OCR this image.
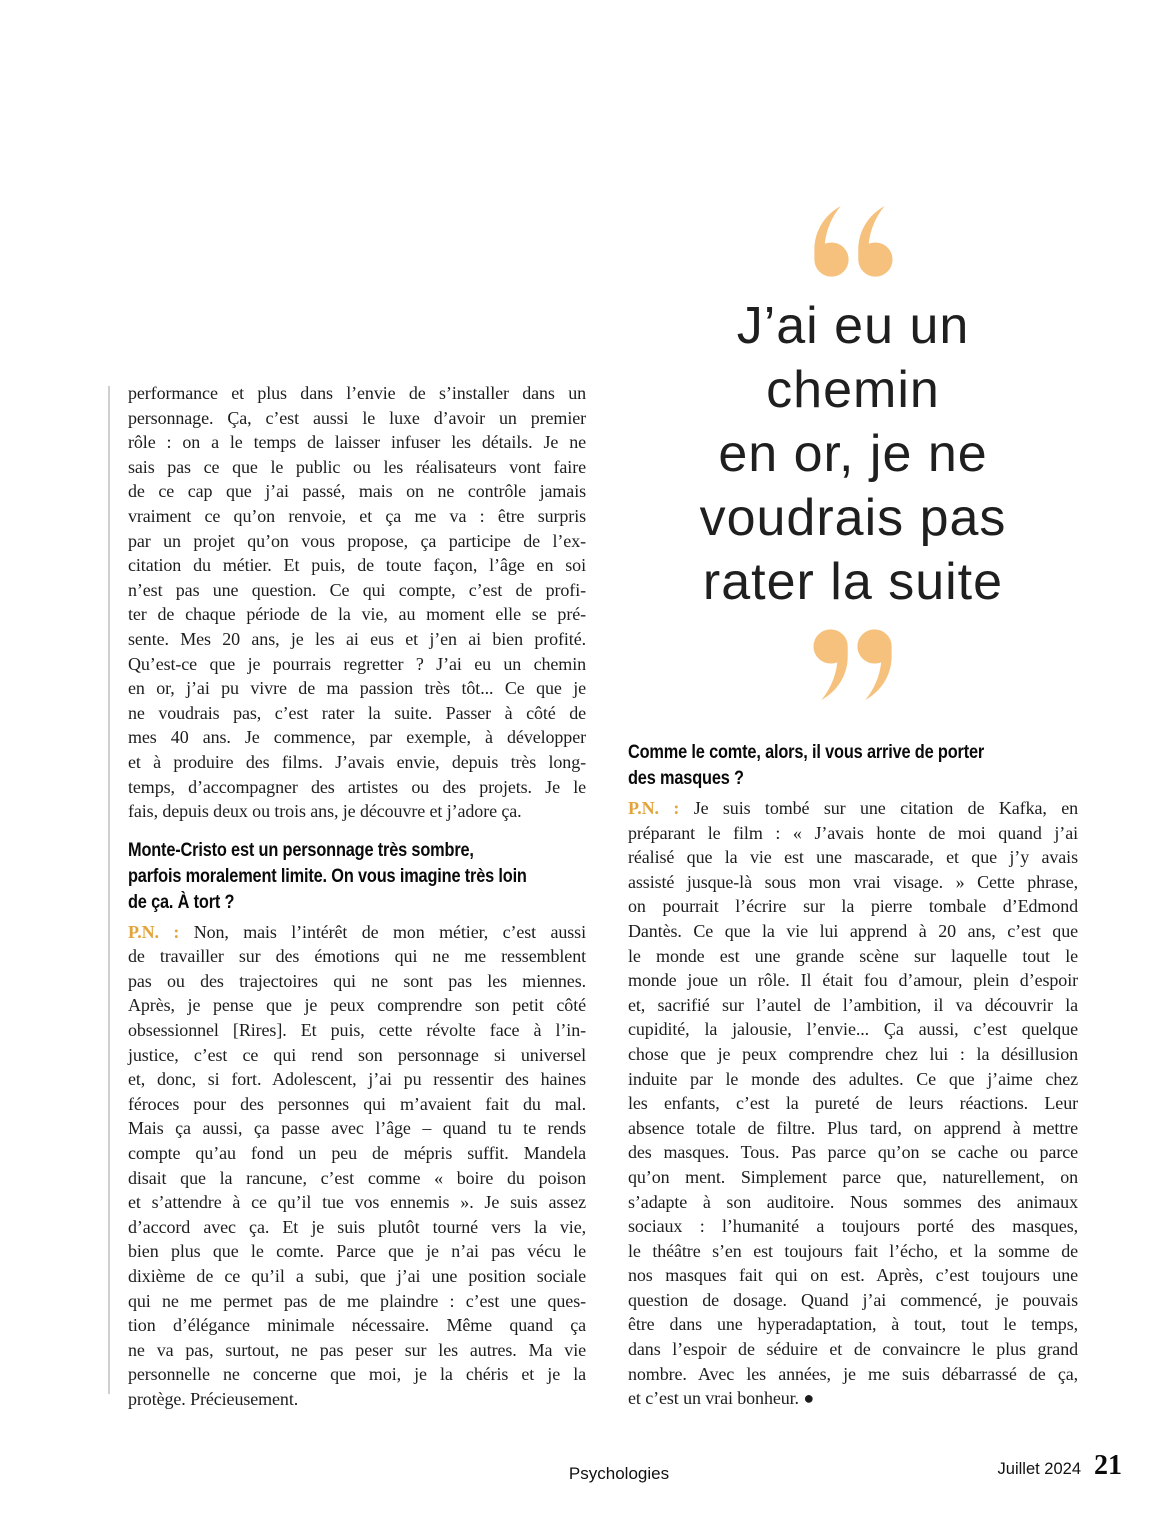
performance et plus dans l’envie de s’installer dans un
personnage. Ça, c’est aussi le luxe d’avoir un premier
rôle : on a le temps de laisser infuser les détails. Je ne
sais pas ce que le public ou les réalisateurs vont faire
de ce cap que j’ai passé, mais on ne contrôle jamais
vraiment ce qu’on renvoie, et ça me va : être surpris
par un projet qu’on vous propose, ça participe de l’ex-
citation du métier. Et puis, de toute façon, l’âge en soi
n’est pas une question. Ce qui compte, c’est de profi-
ter de chaque période de la vie, au moment elle se pré-
sente. Mes 20 ans, je les ai eus et j’en ai bien profité.
Qu’est-ce que je pourrais regretter ? J’ai eu un chemin
en or, j’ai pu vivre de ma passion très tôt... Ce que je
ne voudrais pas, c’est rater la suite. Passer à côté de
mes 40 ans. Je commence, par exemple, à développer
et à produire des films. J’avais envie, depuis très long-
temps, d’accompagner des artistes ou des projets. Je le
fais, depuis deux ou trois ans, je découvre et j’adore ça.
Monte-Cristo est un personnage très sombre,
parfois moralement limite. On vous imagine très loin
de ça. À tort ?
P.N. : Non, mais l’intérêt de mon métier, c’est aussi
de travailler sur des émotions qui ne me ressemblent
pas ou des trajectoires qui ne sont pas les miennes.
Après, je pense que je peux comprendre son petit côté
obsessionnel [Rires]. Et puis, cette révolte face à l’in-
justice, c’est ce qui rend son personnage si universel
et, donc, si fort. Adolescent, j’ai pu ressentir des haines
féroces pour des personnes qui m’avaient fait du mal.
Mais ça aussi, ça passe avec l’âge – quand tu te rends
compte qu’au fond un peu de mépris suffit. Mandela
disait que la rancune, c’est comme « boire du poison
et s’attendre à ce qu’il tue vos ennemis ». Je suis assez
d’accord avec ça. Et je suis plutôt tourné vers la vie,
bien plus que le comte. Parce que je n’ai pas vécu le
dixième de ce qu’il a subi, que j’ai une position sociale
qui ne me permet pas de me plaindre : c’est une ques-
tion d’élégance minimale nécessaire. Même quand ça
ne va pas, surtout, ne pas peser sur les autres. Ma vie
personnelle ne concerne que moi, je la chéris et je la
protège. Précieusement.
J’ai eu un
chemin
en or, je ne
voudrais pas
rater la suite
Comme le comte, alors, il vous arrive de porter
des masques ?
P.N. : Je suis tombé sur une citation de Kafka, en
préparant le film : « J’avais honte de moi quand j’ai
réalisé que la vie est une mascarade, et que j’y avais
assisté jusque-là sous mon vrai visage. » Cette phrase,
on pourrait l’écrire sur la pierre tombale d’Edmond
Dantès. Ce que la vie lui apprend à 20 ans, c’est que
le monde est une grande scène sur laquelle tout le
monde joue un rôle. Il était fou d’amour, plein d’espoir
et, sacrifié sur l’autel de l’ambition, il va découvrir la
cupidité, la jalousie, l’envie... Ça aussi, c’est quelque
chose que je peux comprendre chez lui : la désillusion
induite par le monde des adultes. Ce que j’aime chez
les enfants, c’est la pureté de leurs réactions. Leur
absence totale de filtre. Plus tard, on apprend à mettre
des masques. Tous. Pas parce qu’on se cache ou parce
qu’on ment. Simplement parce que, naturellement, on
s’adapte à son auditoire. Nous sommes des animaux
sociaux : l’humanité a toujours porté des masques,
le théâtre s’en est toujours fait l’écho, et la somme de
nos masques fait qui on est. Après, c’est toujours une
question de dosage. Quand j’ai commencé, je pouvais
être dans une hyperadaptation, à tout, tout le temps,
dans l’espoir de séduire et de convaincre le plus grand
nombre. Avec les années, je me suis débarrassé de ça,
et c’est un vrai bonheur. ●
Psychologies	Juillet 2024 21
